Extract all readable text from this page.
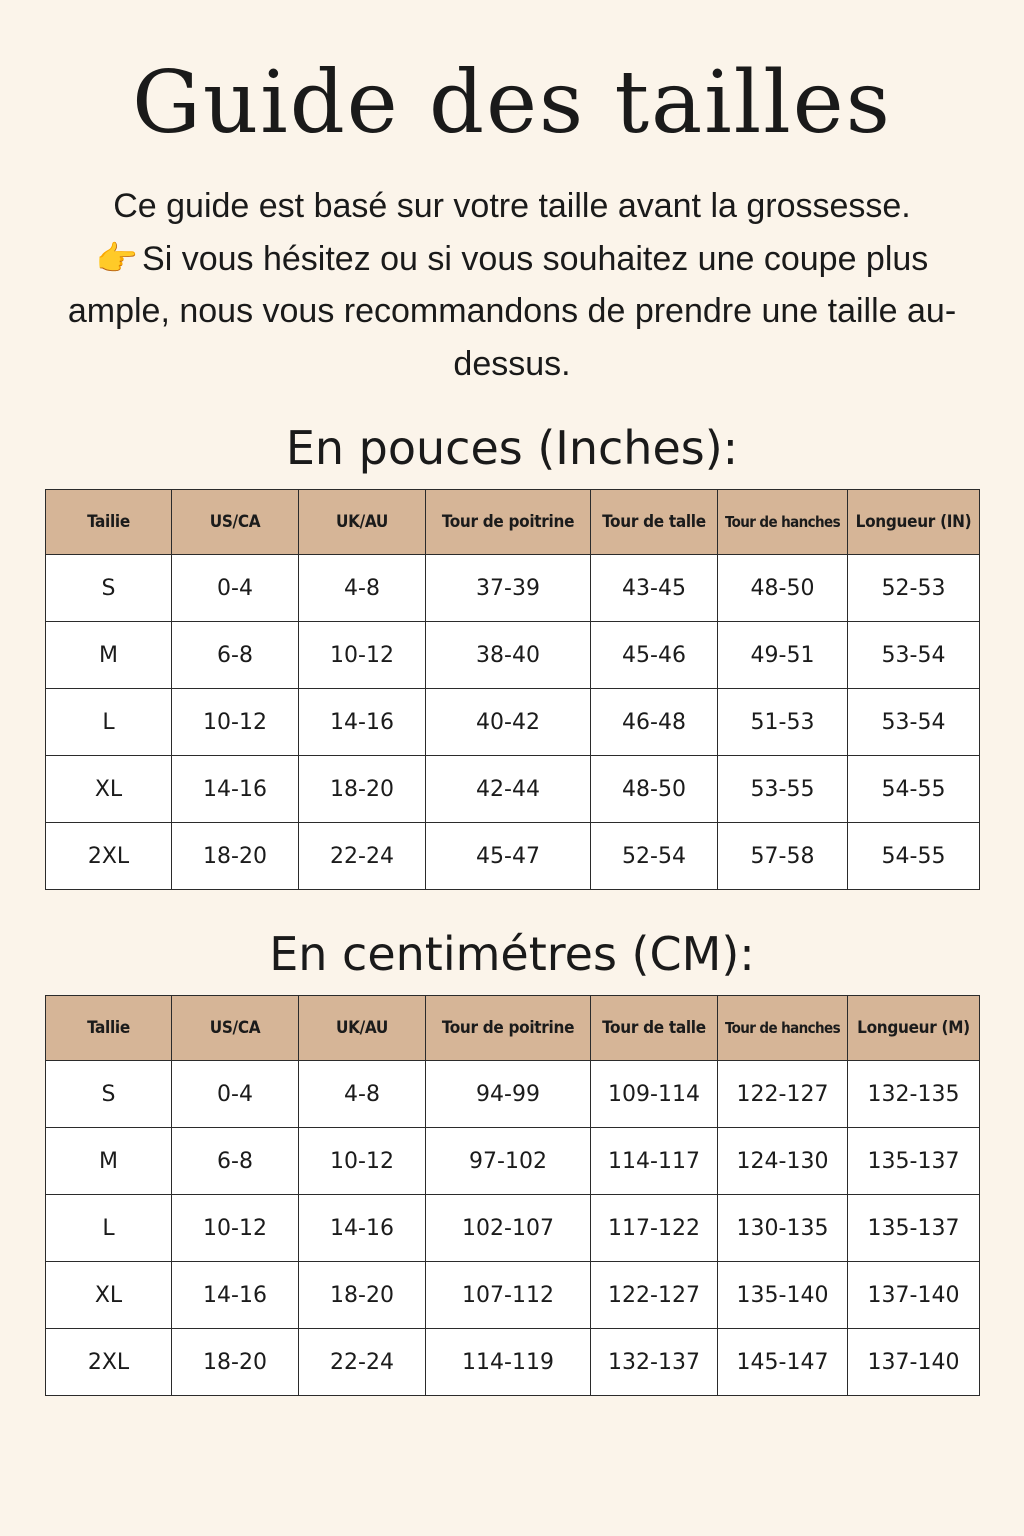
Guide des tailles

Ce guide est basé sur votre taille avant la grossesse.

👉 Si vous hésitez ou si vous souhaitez une coupe plus ample, nous vous recommandons de prendre une taille au-dessus.

En pouces (Inches):
Tailie	US/CA	UK/AU	Tour de poitrine	Tour de talle	Tour de hanches	Longueur (IN)
S	0-4	4-8	37-39	43-45	48-50	52-53
M	6-8	10-12	38-40	45-46	49-51	53-54
L	10-12	14-16	40-42	46-48	51-53	53-54
XL	14-16	18-20	42-44	48-50	53-55	54-55
2XL	18-20	22-24	45-47	52-54	57-58	54-55
En centimétres (CM):
Tallie	US/CA	UK/AU	Tour de poitrine	Tour de talle	Tour de hanches	Longueur (M)
S	0-4	4-8	94-99	109-114	122-127	132-135
M	6-8	10-12	97-102	114-117	124-130	135-137
L	10-12	14-16	102-107	117-122	130-135	135-137
XL	14-16	18-20	107-112	122-127	135-140	137-140
2XL	18-20	22-24	114-119	132-137	145-147	137-140
